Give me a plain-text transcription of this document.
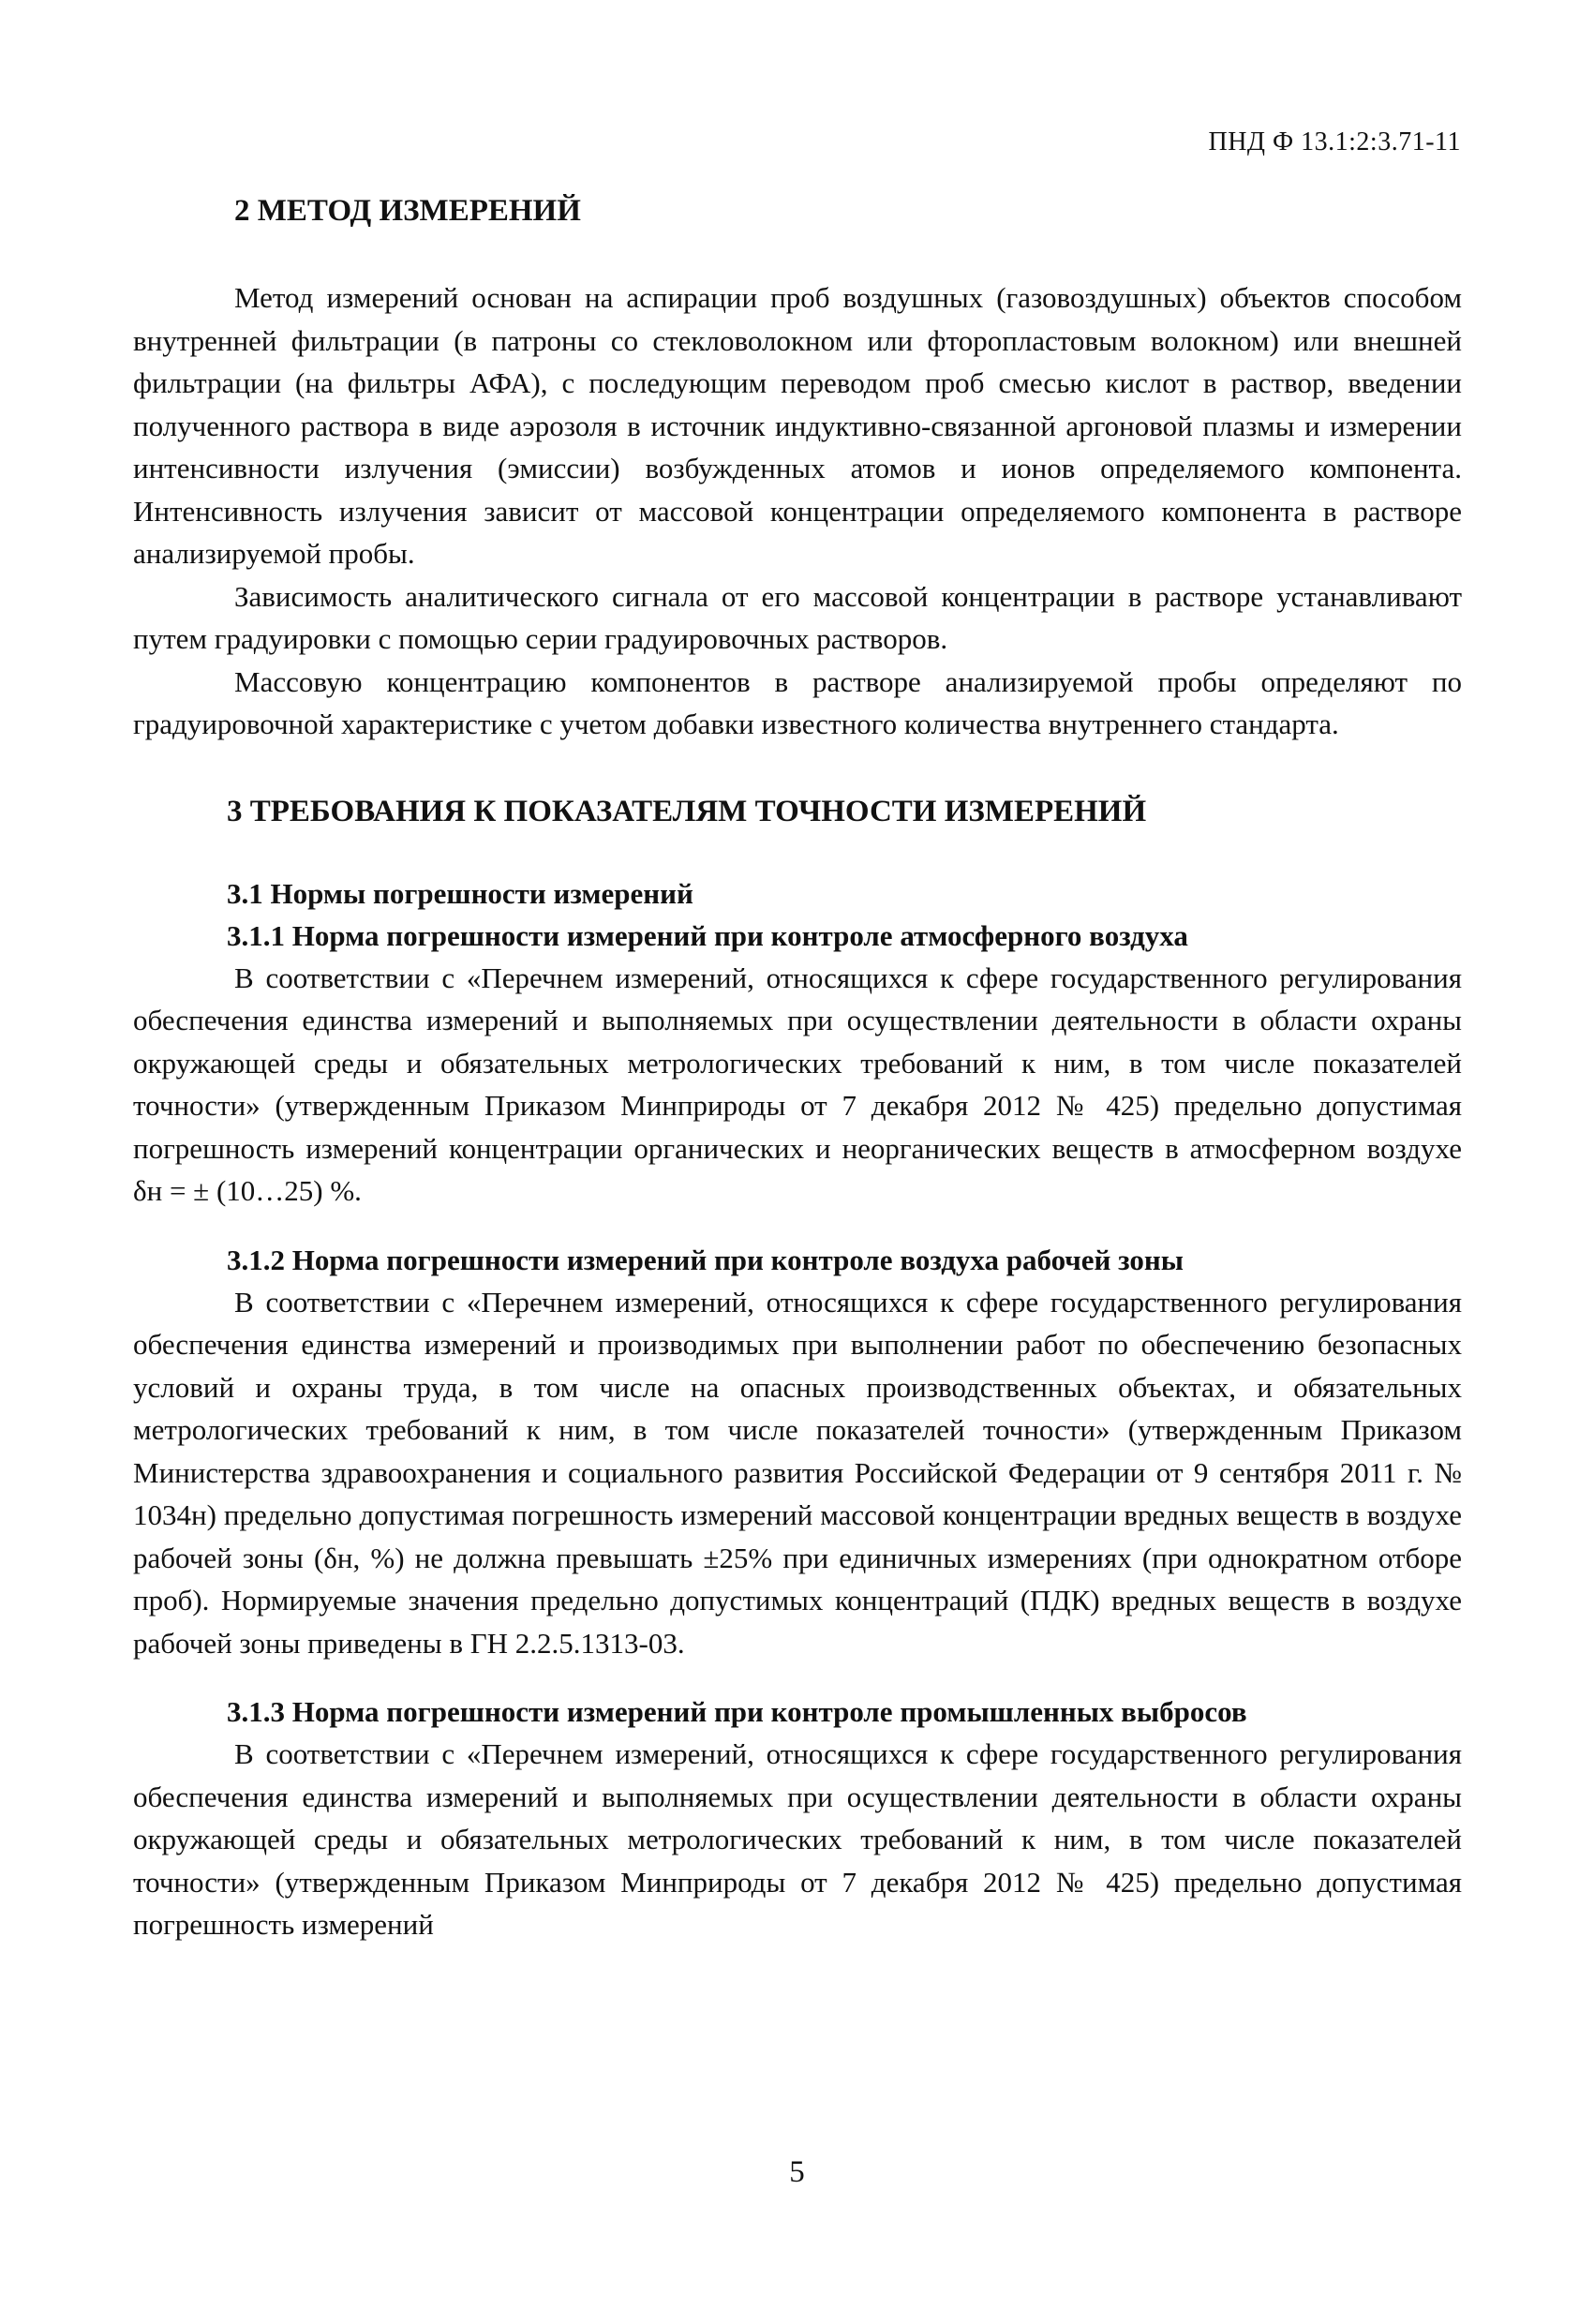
ПНД Ф 13.1:2:3.71-11
2 МЕТОД ИЗМЕРЕНИЙ

Метод измерений основан на аспирации проб воздушных (газовоздушных) объектов способом внутренней фильтрации (в патроны со стекловолокном или фторопластовым волокном) или внешней фильтрации (на фильтры АФА), с последующим переводом проб смесью кислот в раствор, введении полученного раствора в виде аэрозоля в источник индуктивно-связанной аргоновой плазмы и измерении интенсивности излучения (эмиссии) возбужденных атомов и ионов определяемого компонента. Интенсивность излучения зависит от массовой концентрации определяемого компонента в растворе анализируемой пробы.

Зависимость аналитического сигнала от его массовой концентрации в растворе устанавливают путем градуировки с помощью серии градуировочных растворов.

Массовую концентрацию компонентов в растворе анализируемой пробы определяют по градуировочной характеристике с учетом добавки известного количества внутреннего стандарта.

3 ТРЕБОВАНИЯ К ПОКАЗАТЕЛЯМ ТОЧНОСТИ ИЗМЕРЕНИЙ
3.1 Нормы погрешности измерений
3.1.1 Норма погрешности измерений при контроле атмосферного воздуха

В соответствии с «Перечнем измерений, относящихся к сфере государственного регулирования обеспечения единства измерений и выполняемых при осуществлении деятельности в области охраны окружающей среды и обязательных метрологических требований к ним, в том числе показателей точности» (утвержденным Приказом Минприроды от 7 декабря 2012 № 425) предельно допустимая погрешность измерений концентрации органических и неорганических веществ в атмосферном воздухе δн = ± (10…25) %.

3.1.2 Норма погрешности измерений при контроле воздуха рабочей зоны

В соответствии с «Перечнем измерений, относящихся к сфере государственного регулирования обеспечения единства измерений и производимых при выполнении работ по обеспечению безопасных условий и охраны труда, в том числе на опасных производственных объектах, и обязательных метрологических требований к ним, в том числе показателей точности» (утвержденным Приказом Министерства здравоохранения и социального развития Российской Федерации от 9 сентября 2011 г. № 1034н) предельно допустимая погрешность измерений массовой концентрации вредных веществ в воздухе рабочей зоны (δн, %) не должна превышать ±25% при единичных измерениях (при однократном отборе проб). Нормируемые значения предельно допустимых концентраций (ПДК) вредных веществ в воздухе рабочей зоны приведены в ГН 2.2.5.1313-03.

3.1.3 Норма погрешности измерений при контроле промышленных выбросов

В соответствии с «Перечнем измерений, относящихся к сфере государственного регулирования обеспечения единства измерений и выполняемых при осуществлении деятельности в области охраны окружающей среды и обязательных метрологических требований к ним, в том числе показателей точности» (утвержденным Приказом Минприроды от 7 декабря 2012 № 425) предельно допустимая погрешность измерений

5
